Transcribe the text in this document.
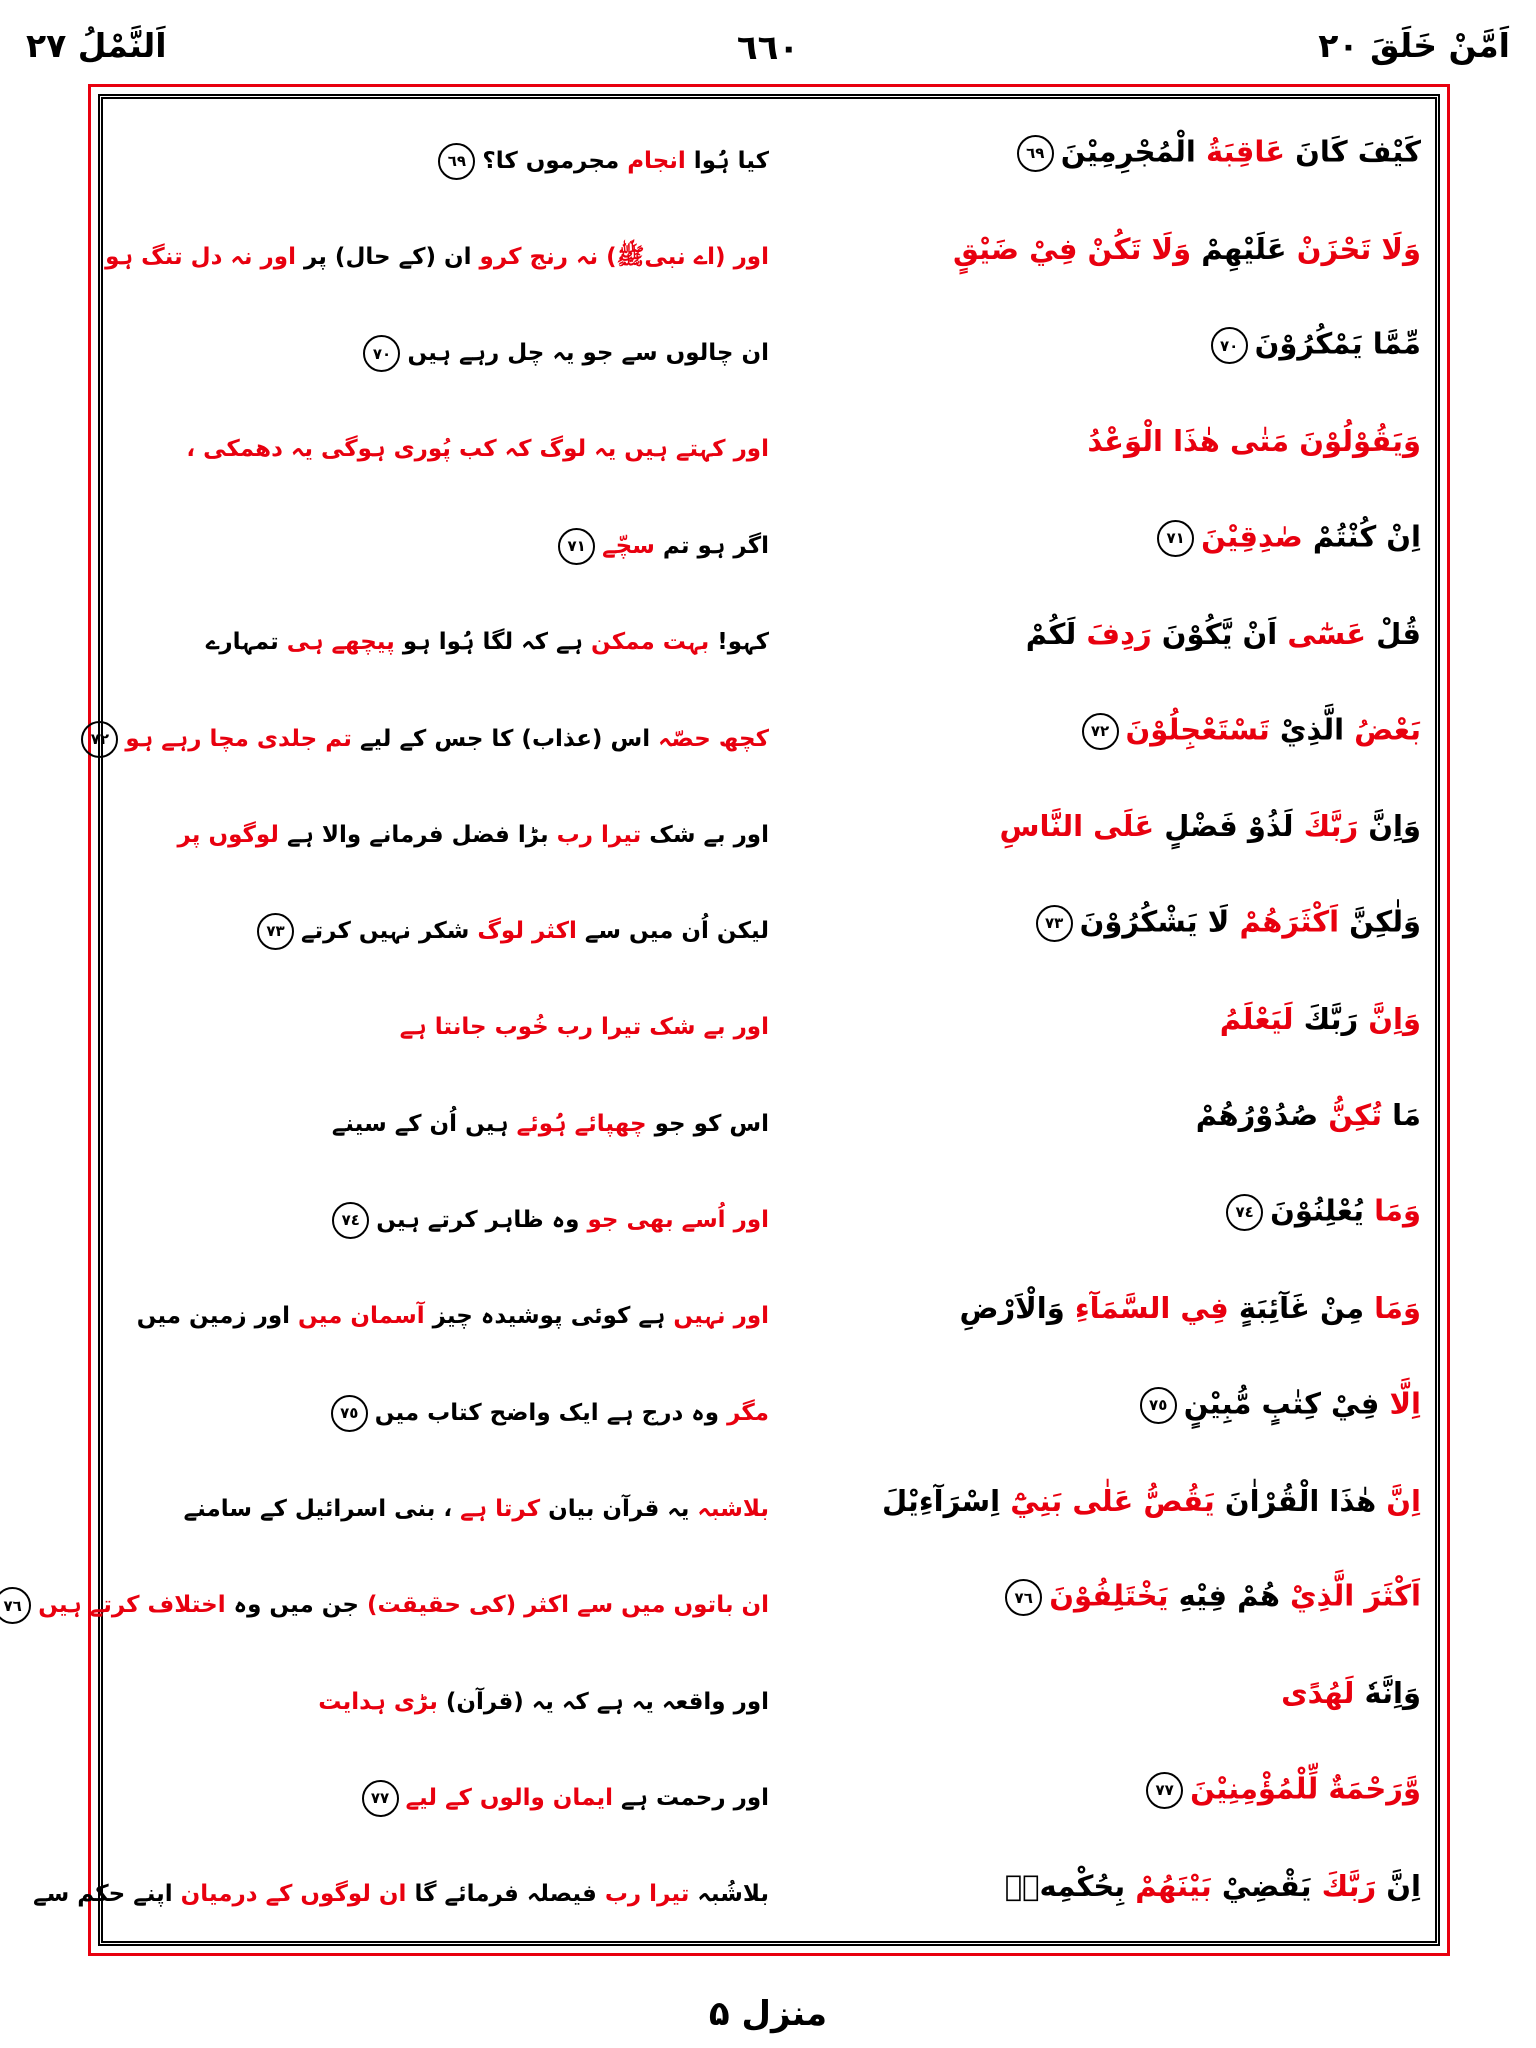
اَمَّنْ خَلَقَ ۲۰
٦٦٠
اَلنَّمْلُ ۲۷
كَيْفَ كَانَ عَاقِبَةُ الْمُجْرِمِيْنَ٦٩
کیا ہُوا انجام مجرموں کا؟٦٩
وَلَا تَحْزَنْ عَلَيْهِمْ وَلَا تَكُنْ فِيْ ضَيْقٍ
اور (اے نبیﷺ) نہ رنج کرو ان (کے حال) پر اور نہ دل تنگ ہو
مِّمَّا يَمْكُرُوْنَ٧٠
ان چالوں سے جو یہ چل رہے ہیں٧٠
وَيَقُوْلُوْنَ مَتٰى هٰذَا الْوَعْدُ
اور کہتے ہیں یہ لوگ کہ کب پُوری ہوگی یہ دھمکی ،
اِنْ كُنْتُمْ صٰدِقِيْنَ٧١
اگر ہو تم سچّے٧١
قُلْ عَسٰٓى اَنْ يَّكُوْنَ رَدِفَ لَكُمْ
کہو! بہت ممکن ہے کہ لگا ہُوا ہو پیچھے ہی تمہارے
بَعْضُ الَّذِيْ تَسْتَعْجِلُوْنَ٧٢
کچھ حصّہ اس (عذاب) کا جس کے لیے تم جلدی مچا رہے ہو٧٢
وَاِنَّ رَبَّكَ لَذُوْ فَضْلٍ عَلَى النَّاسِ
اور بے شک تیرا رب بڑا فضل فرمانے والا ہے لوگوں پر
وَلٰكِنَّ اَكْثَرَهُمْ لَا يَشْكُرُوْنَ٧٣
لیکن اُن میں سے اکثر لوگ شکر نہیں کرتے٧٣
وَاِنَّ رَبَّكَ لَيَعْلَمُ
اور بے شک تیرا رب خُوب جانتا ہے
مَا تُكِنُّ صُدُوْرُهُمْ
اس کو جو چھپائے ہُوئے ہیں اُن کے سینے
وَمَا يُعْلِنُوْنَ٧٤
اور اُسے بھی جو وہ ظاہر کرتے ہیں٧٤
وَمَا مِنْ غَآئِبَةٍ فِي السَّمَآءِ وَالْاَرْضِ
اور نہیں ہے کوئی پوشیدہ چیز آسمان میں اور زمین میں
اِلَّا فِيْ كِتٰبٍ مُّبِيْنٍ٧٥
مگر وہ درج ہے ایک واضح کتاب میں٧٥
اِنَّ هٰذَا الْقُرْاٰنَ يَقُصُّ عَلٰى بَنِيْٓ اِسْرَآءِيْلَ
بلاشبہ یہ قرآن بیان کرتا ہے ، بنی اسرائیل کے سامنے
اَكْثَرَ الَّذِيْ هُمْ فِيْهِ يَخْتَلِفُوْنَ٧٦
ان باتوں میں سے اکثر (کی حقیقت) جن میں وہ اختلاف کرتے ہیں٧٦
وَاِنَّهٗ لَهُدًى
اور واقعہ یہ ہے کہ یہ (قرآن) بڑی ہدایت
وَّرَحْمَةٌ لِّلْمُؤْمِنِيْنَ٧٧
اور رحمت ہے ایمان والوں کے لیے٧٧
اِنَّ رَبَّكَ يَقْضِيْ بَيْنَهُمْ بِحُكْمِهٖۚ
بلاشُبہ تیرا رب فیصلہ فرمائے گا ان لوگوں کے درمیان اپنے حکم سے
منزل ۵
